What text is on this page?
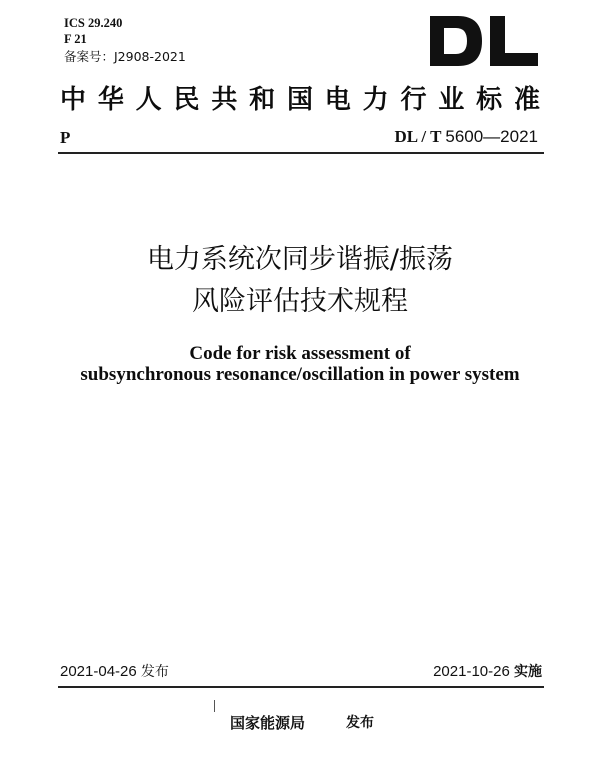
ICS 29.240
F 21
备案号：J2908-2021
中 华 人 民 共 和 国 电 力 行 业 标 准
P	DL / T 5600—2021
电力系统次同步谐振/振荡
风险评估技术规程
Code for risk assessment of
subsynchronous resonance/oscillation in power system
2021-04-26 发布	2021-10-26 实施
国家能源局	发布
